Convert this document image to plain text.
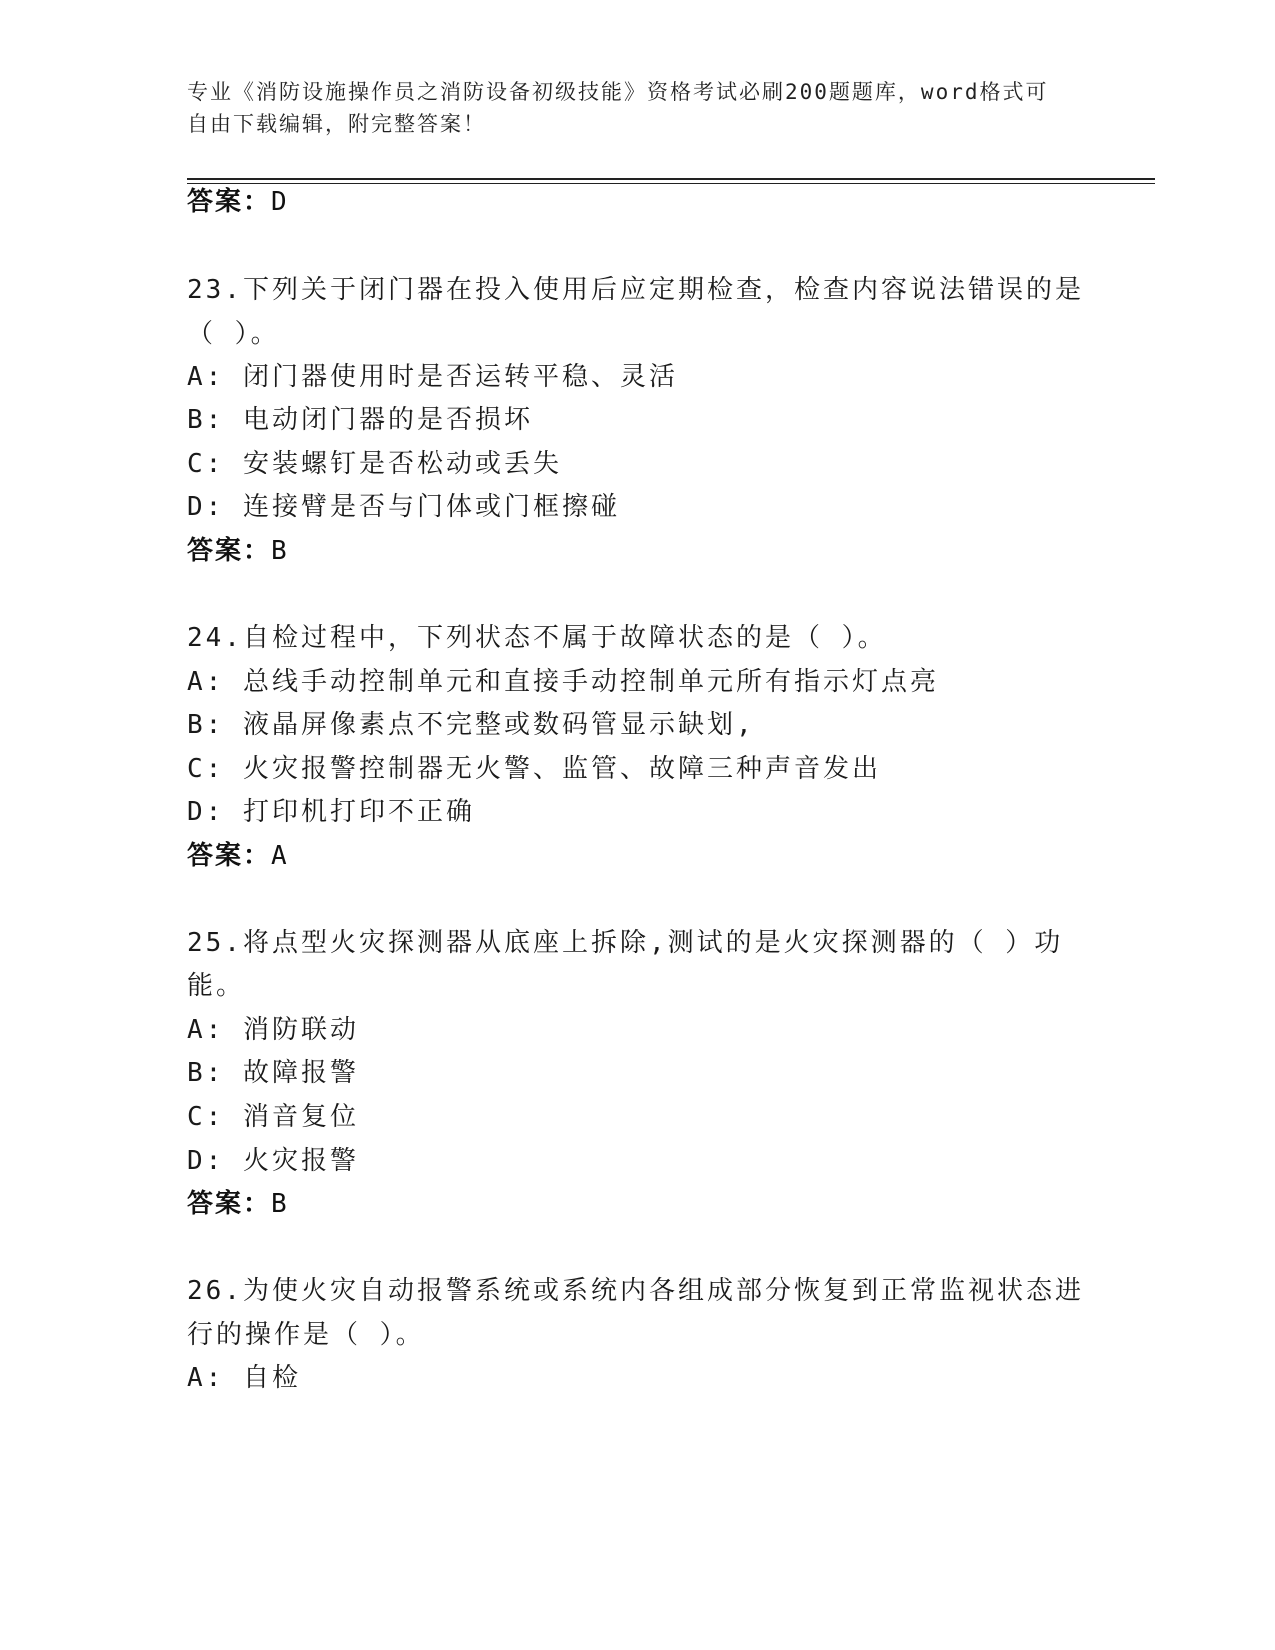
专业《消防设施操作员之消防设备初级技能》资格考试必刷200题题库，word格式可自由下载编辑，附完整答案！
答案：D
23.下列关于闭门器在投入使用后应定期检查，检查内容说法错误的是
（ ）。
A: 闭门器使用时是否运转平稳、灵活
B: 电动闭门器的是否损坏
C: 安装螺钉是否松动或丢失
D: 连接臂是否与门体或门框擦碰
答案：B
24.自检过程中，下列状态不属于故障状态的是（ ）。
A: 总线手动控制单元和直接手动控制单元所有指示灯点亮
B: 液晶屏像素点不完整或数码管显示缺划,
C: 火灾报警控制器无火警、监管、故障三种声音发出
D: 打印机打印不正确
答案：A
25.将点型火灾探测器从底座上拆除,测试的是火灾探测器的（ ）功
能。
A: 消防联动
B: 故障报警
C: 消音复位
D: 火灾报警
答案：B
26.为使火灾自动报警系统或系统内各组成部分恢复到正常监视状态进
行的操作是（ ）。
A: 自检
